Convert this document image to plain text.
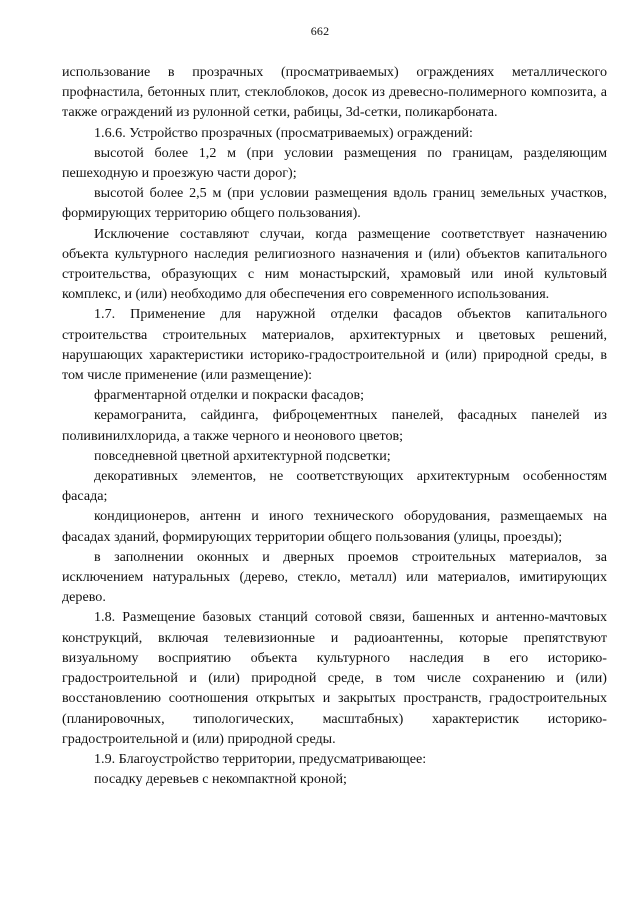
662

использование в прозрачных (просматриваемых) ограждениях металлического профнастила, бетонных плит, стеклоблоков, досок из древесно-полимерного композита, а также ограждений из рулонной сетки, рабицы, 3d-сетки, поликарбоната.

1.6.6. Устройство прозрачных (просматриваемых) ограждений:

высотой более 1,2 м (при условии размещения по границам, разделяющим пешеходную и проезжую части дорог);

высотой более 2,5 м (при условии размещения вдоль границ земельных участков, формирующих территорию общего пользования).

Исключение составляют случаи, когда размещение соответствует назначению объекта культурного наследия религиозного назначения и (или) объектов капитального строительства, образующих с ним монастырский, храмовый или иной культовый комплекс, и (или) необходимо для обеспечения его современного использования.

1.7. Применение для наружной отделки фасадов объектов капитального строительства строительных материалов, архитектурных и цветовых решений, нарушающих характеристики историко-градостроительной и (или) природной среды, в том числе применение (или размещение):

фрагментарной отделки и покраски фасадов;

керамогранита, сайдинга, фиброцементных панелей, фасадных панелей из поливинилхлорида, а также черного и неонового цветов;

повседневной цветной архитектурной подсветки;

декоративных элементов, не соответствующих архитектурным особенностям фасада;

кондиционеров, антенн и иного технического оборудования, размещаемых на фасадах зданий, формирующих территории общего пользования (улицы, проезды);

в заполнении оконных и дверных проемов строительных материалов, за исключением натуральных (дерево, стекло, металл) или материалов, имитирующих дерево.

1.8. Размещение базовых станций сотовой связи, башенных и антенно-мачтовых конструкций, включая телевизионные и радиоантенны, которые препятствуют визуальному восприятию объекта культурного наследия в его историко-градостроительной и (или) природной среде, в том числе сохранению и (или) восстановлению соотношения открытых и закрытых пространств, градостроительных (планировочных, типологических, масштабных) характеристик историко-градостроительной и (или) природной среды.

1.9. Благоустройство территории, предусматривающее:

посадку деревьев с некомпактной кроной;
